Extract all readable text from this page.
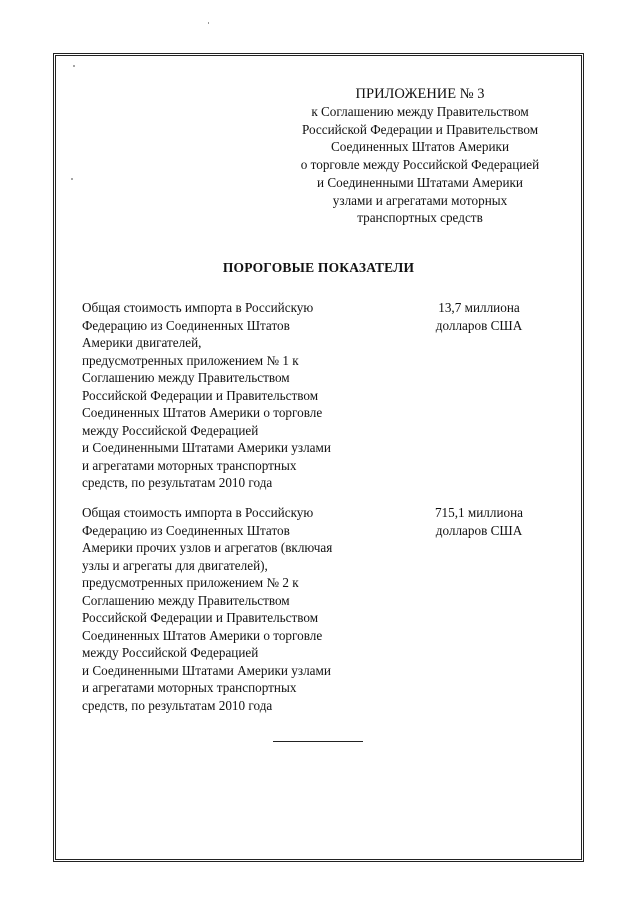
ПРИЛОЖЕНИЕ № 3
к Соглашению между Правительством
Российской Федерации и Правительством
Соединенных Штатов Америки
о торговле между Российской Федерацией
и Соединенными Штатами Америки
узлами и агрегатами моторных
транспортных средств
ПОРОГОВЫЕ ПОКАЗАТЕЛИ
Общая стоимость импорта в Российскую
Федерацию из Соединенных Штатов
Америки двигателей,
предусмотренных приложением № 1 к
Соглашению между Правительством
Российской Федерации и Правительством
Соединенных Штатов Америки о торговле
между Российской Федерацией
и Соединенными Штатами Америки узлами
и агрегатами моторных транспортных
средств, по результатам 2010 года
13,7 миллиона
долларов США
Общая стоимость импорта в Российскую
Федерацию из Соединенных Штатов
Америки прочих узлов и агрегатов (включая
узлы и агрегаты для двигателей),
предусмотренных приложением № 2 к
Соглашению между Правительством
Российской Федерации и Правительством
Соединенных Штатов Америки о торговле
между Российской Федерацией
и Соединенными Штатами Америки узлами
и агрегатами моторных транспортных
средств, по результатам 2010 года
715,1 миллиона
долларов США
